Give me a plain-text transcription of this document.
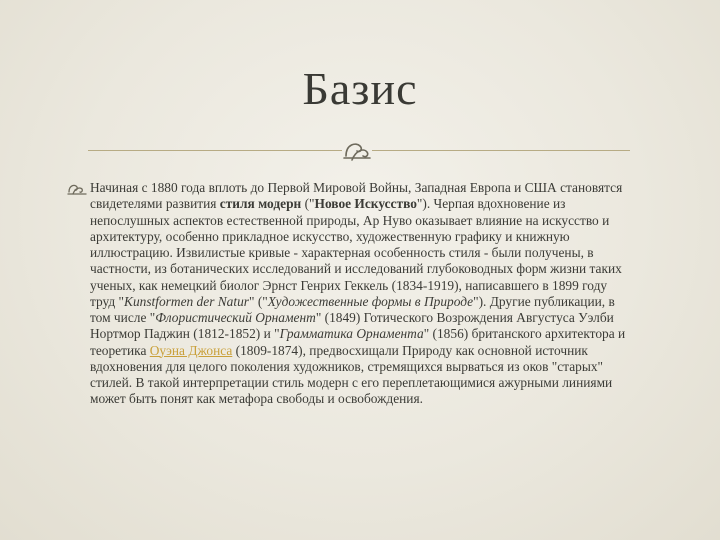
Базис
Начиная с 1880 года вплоть до Первой Мировой Войны, Западная Европа и США становятся свидетелями развития стиля модерн ("Новое Искусство"). Черпая вдохновение из непослушных аспектов естественной природы, Ар Нуво оказывает влияние на искусство и архитектуру, особенно прикладное искусство, художественную графику и книжную иллюстрацию. Извилистые кривые - характерная особенность стиля - были получены, в частности, из ботанических исследований и исследований глубоководных форм жизни таких ученых, как немецкий биолог Эрнст Генрих Геккель (1834-1919), написавшего в 1899 году труд "Kunstformen der Natur" ("Художественные формы в Природе"). Другие публикации, в том числе "Флористический Орнамент" (1849) Готического Возрождения Августуса Уэлби Нортмор Паджин (1812-1852) и "Грамматика Орнамента" (1856) британского архитектора и теоретика Оуэна Джонса (1809-1874), предвосхищали Природу как основной источник вдохновения для целого поколения художников, стремящихся вырваться из оков "старых" стилей. В такой интерпретации стиль модерн с его переплетающимися ажурными линиями может быть понят как метафора свободы и освобождения.
